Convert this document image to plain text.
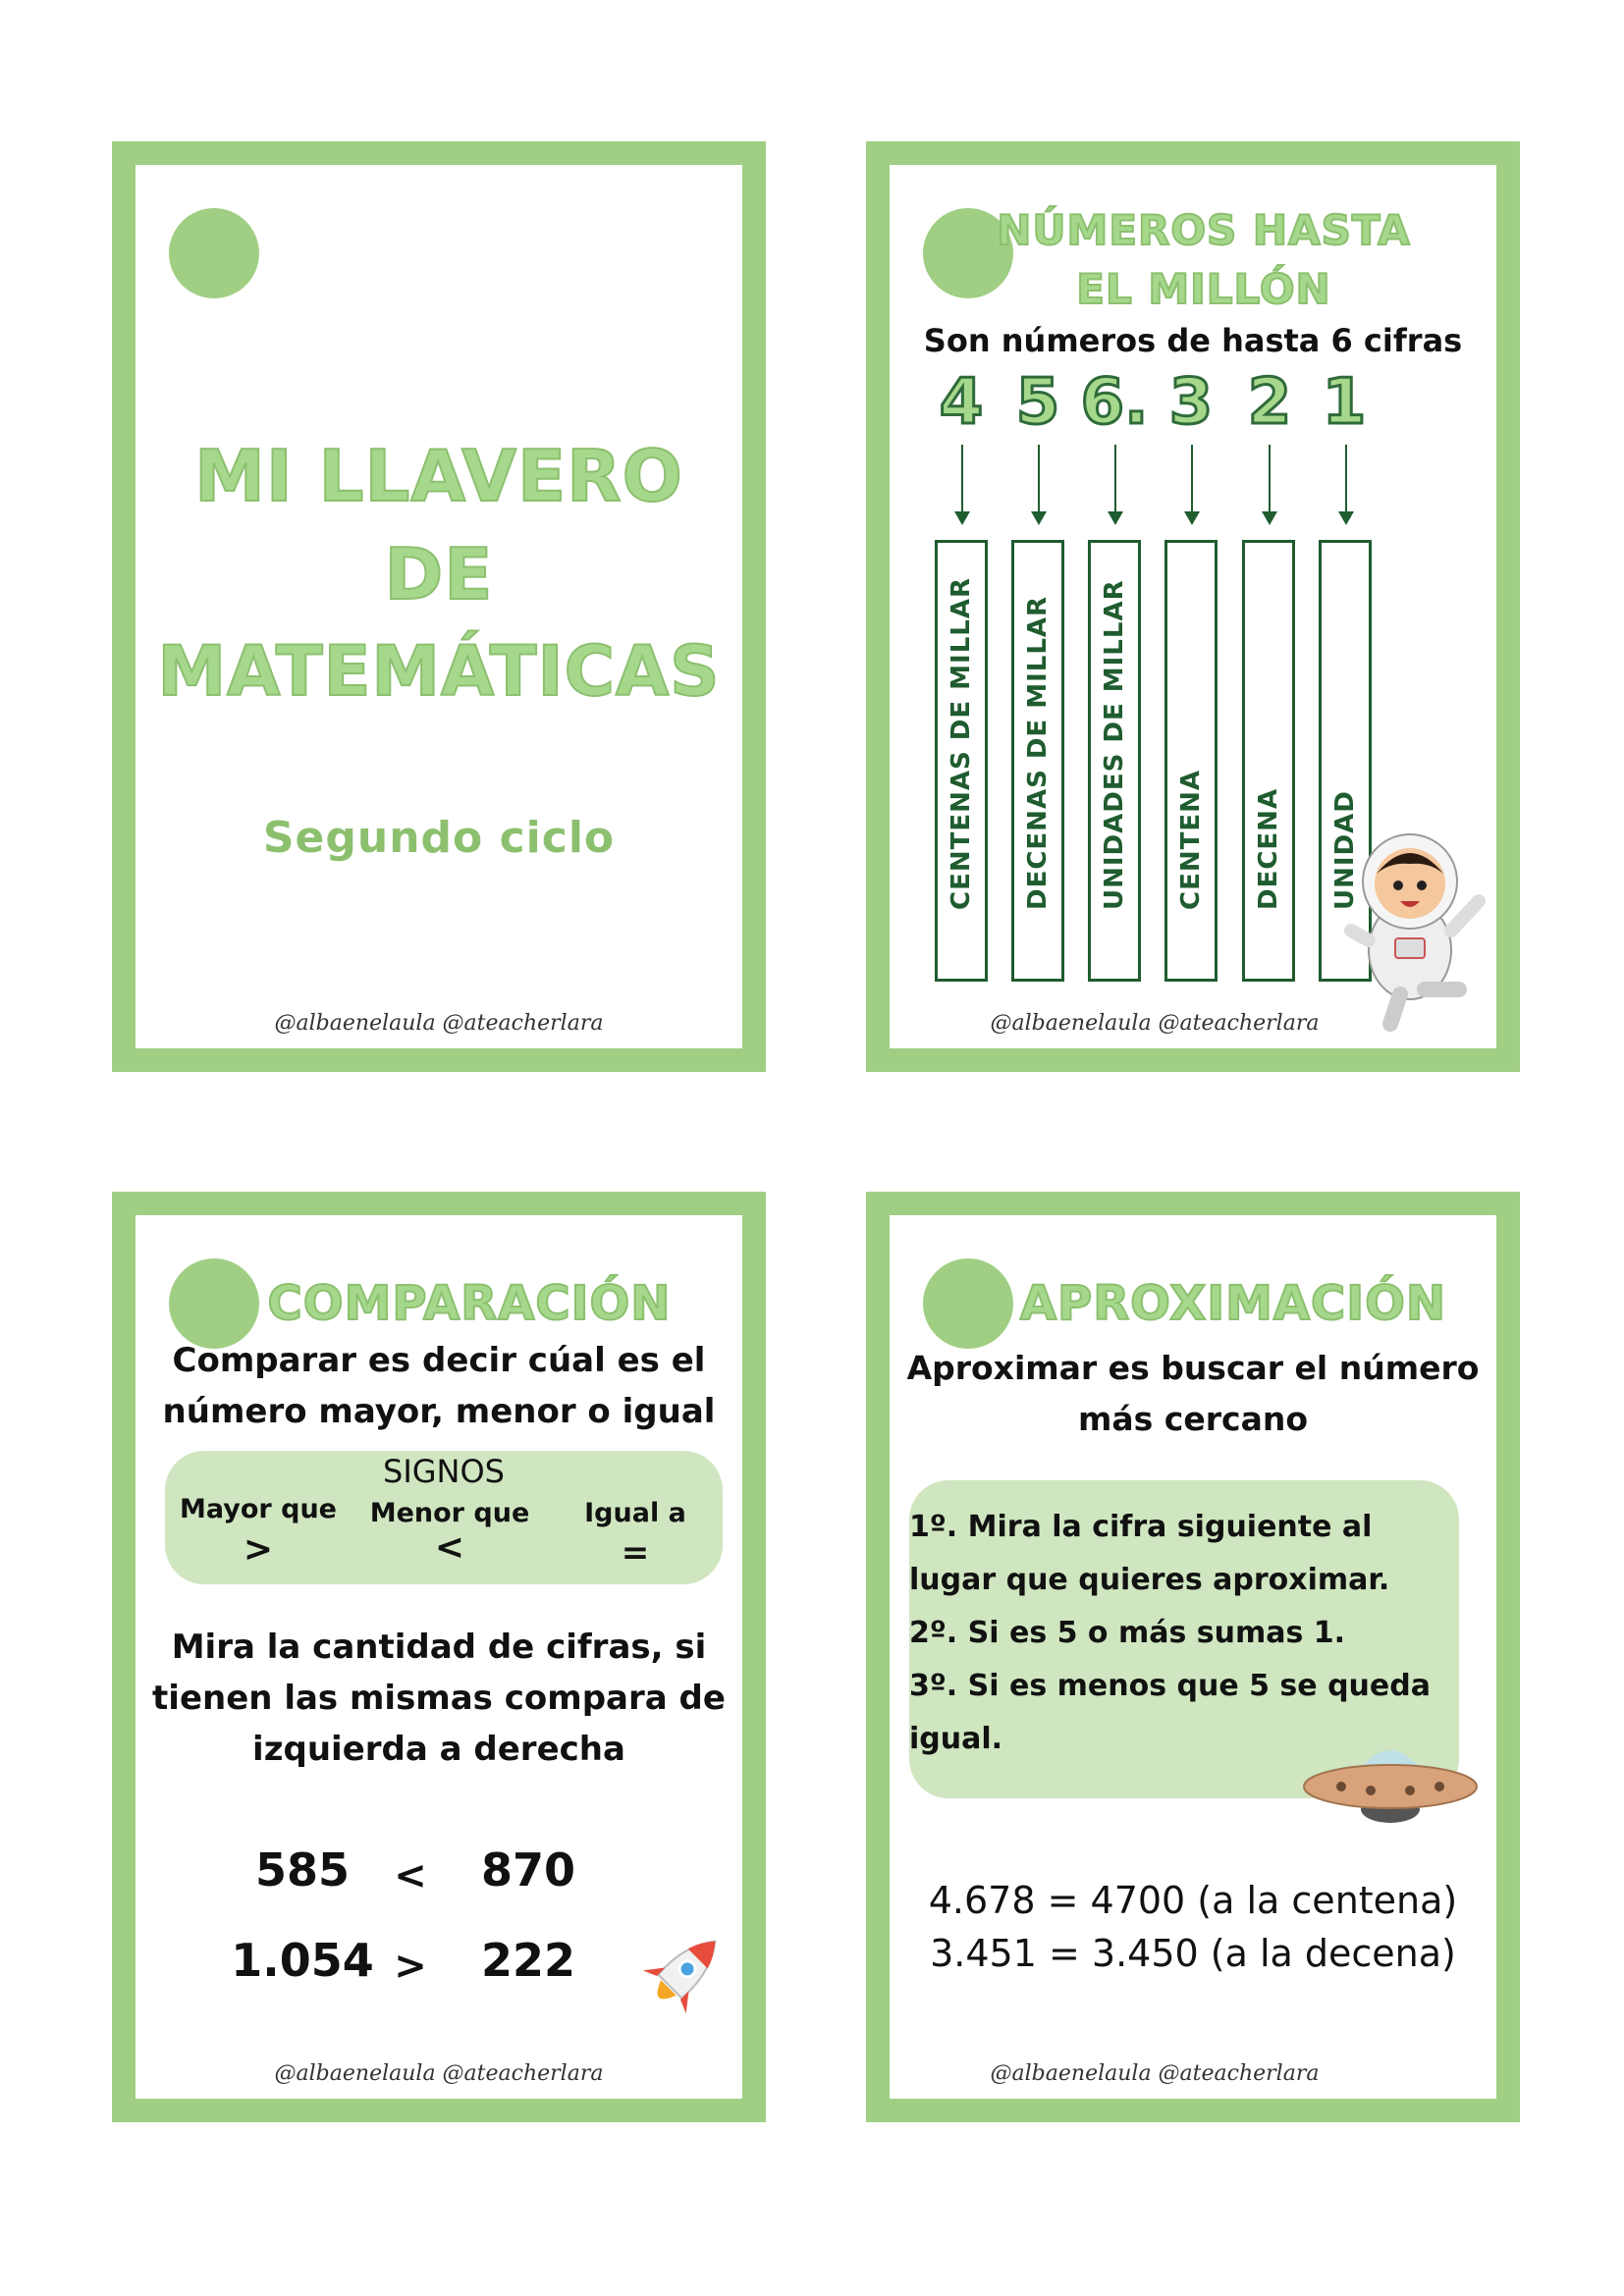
MI LLAVERO
DE
MATEMÁTICAS
Segundo ciclo
@albaenelaula @ateacherlara
NÚMEROS HASTA
EL MILLÓN
Son números de hasta 6 cifras
4 5 6. 3 2 1
CENTENAS DE MILLAR DECENAS DE MILLAR UNIDADES DE MILLAR CENTENA DECENA UNIDAD
@albaenelaula @ateacherlara
COMPARACIÓN
Comparar es decir cúal es el
número mayor, menor o igual
SIGNOS
Mayor que
>
Menor que
<
Igual a
=
Mira la cantidad de cifras, si
tienen las mismas compara de
izquierda a derecha
585	<	870
1.054 >	222
@albaenelaula @ateacherlara
APROXIMACIÓN
Aproximar es buscar el número
más cercano
1º. Mira la cifra siguiente al
lugar que quieres aproximar.
2º. Si es 5 o más sumas 1.
3º. Si es menos que 5 se queda
igual.
4.678 = 4700 (a la centena)
3.451 = 3.450 (a la decena)
@albaenelaula @ateacherlara
